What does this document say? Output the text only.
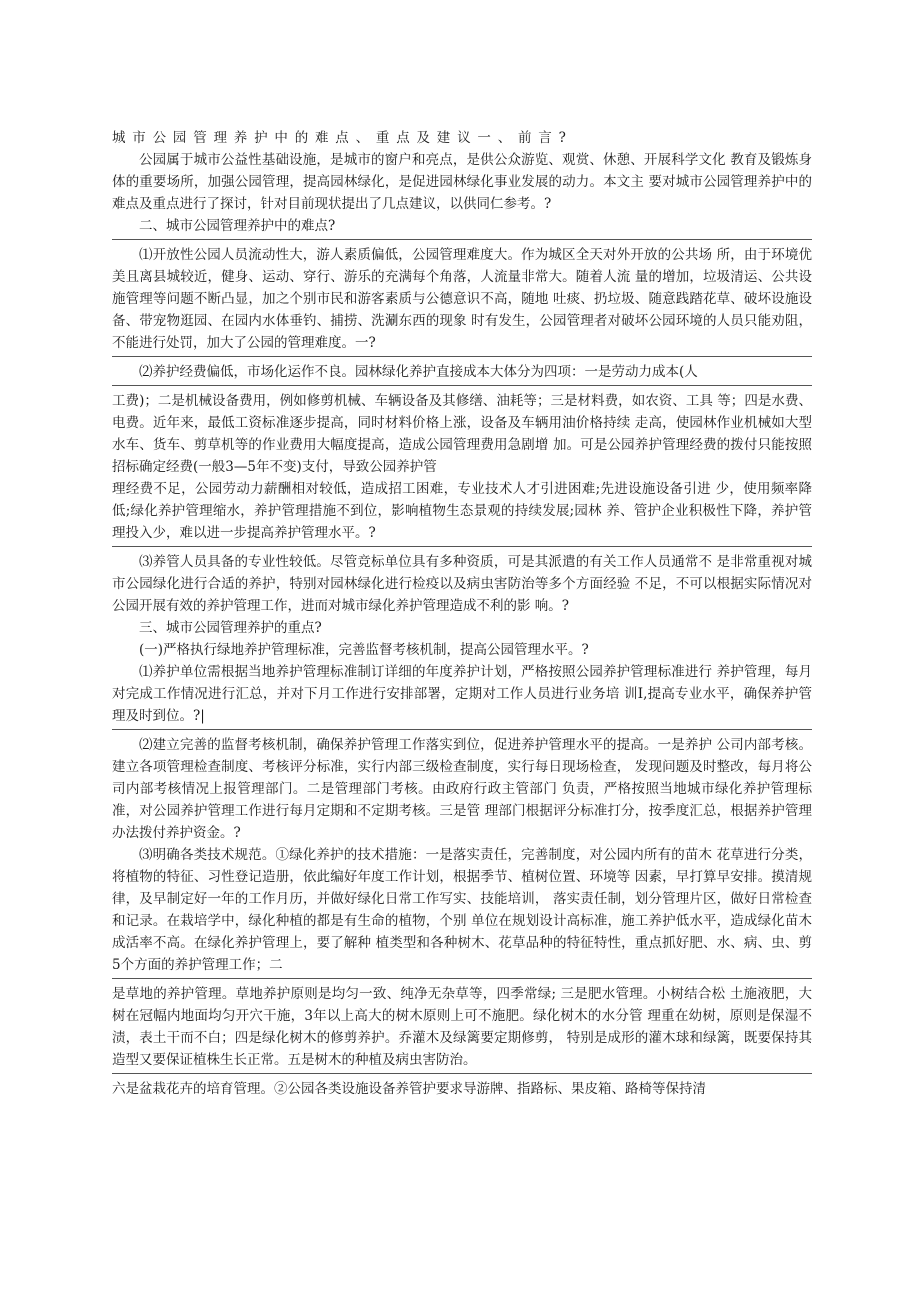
城市公园管理养护中的难点、重点及建议一、前言?

公园属于城市公益性基础设施，是城市的窗户和亮点，是供公众游览、观赏、休憩、开展科学文化 教育及锻炼身体的重要场所，加强公园管理，提高园林绿化，是促进园林绿化事业发展的动力。本文主 要对城市公园管理养护中的难点及重点进行了探讨，针对目前现状提出了几点建议，以供同仁参考。?

二、城市公园管理养护中的难点?

⑴开放性公园人员流动性大，游人素质偏低，公园管理难度大。作为城区全天对外开放的公共场 所，由于环境优美且离县城较近，健身、运动、穿行、游乐的充满每个角落，人流量非常大。随着人流 量的增加，垃圾清运、公共设施管理等问题不断凸显，加之个别市民和游客素质与公德意识不高，随地 吐痰、扔垃圾、随意践踏花草、破坏设施设备、带宠物逛园、在园内水体垂钓、捕捞、洗涮东西的现象 时有发生，公园管理者对破坏公园环境的人员只能劝阻，不能进行处罚，加大了公园的管理难度。一?

⑵养护经费偏低，市场化运作不良。园林绿化养护直接成本大体分为四项：一是劳动力成本(人

工费)；二是机械设备费用，例如修剪机械、车辆设备及其修缮、油耗等；三是材料费，如农资、工具 等；四是水费、电费。近年来，最低工资标准逐步提高，同时材料价格上涨，设备及车辆用油价格持续 走高，使园林作业机械如大型水车、货车、剪草机等的作业费用大幅度提高，造成公园管理费用急剧增 加。可是公园养护管理经费的拨付只能按照招标确定经费(一般3—5年不变)支付，导致公园养护管

理经费不足，公园劳动力薪酬相对较低，造成招工困难，专业技术人才引进困难;先进设施设备引进 少，使用频率降低;绿化养护管理缩水，养护管理措施不到位，影响植物生态景观的持续发展;园林 养、管护企业积极性下降，养护管理投入少，难以进一步提高养护管理水平。?

⑶养管人员具备的专业性较低。尽管竞标单位具有多种资质，可是其派遣的有关工作人员通常不 是非常重视对城市公园绿化进行合适的养护，特别对园林绿化进行检疫以及病虫害防治等多个方面经验 不足，不可以根据实际情况对公园开展有效的养护管理工作，进而对城市绿化养护管理造成不利的影 响。?

三、城市公园管理养护的重点?

(一)严格执行绿地养护管理标准，完善监督考核机制，提高公园管理水平。?

⑴养护单位需根据当地养护管理标准制订详细的年度养护计划，严格按照公园养护管理标准进行 养护管理，每月对完成工作情况进行汇总，并对下月工作进行安排部署，定期对工作人员进行业务培 训I,提高专业水平，确保养护管理及时到位。?|

⑵建立完善的监督考核机制，确保养护管理工作落实到位，促进养护管理水平的提高。一是养护 公司内部考核。建立各项管理检查制度、考核评分标准，实行内部三级检查制度，实行每日现场检查， 发现问题及时整改，每月将公司内部考核情况上报管理部门。二是管理部门考核。由政府行政主管部门 负责，严格按照当地城市绿化养护管理标准，对公园养护管理工作进行每月定期和不定期考核。三是管 理部门根据评分标准打分，按季度汇总，根据养护管理办法拨付养护资金。?

⑶明确各类技术规范。①绿化养护的技术措施：一是落实责任，完善制度，对公园内所有的苗木 花草进行分类，将植物的特征、习性登记造册，依此编好年度工作计划，根据季节、植树位置、环境等 因素，早打算早安排。摸清规律，及早制定好一年的工作月历，并做好绿化日常工作写实、技能培训， 落实责任制，划分管理片区，做好日常检查和记录。在栽培学中，绿化种植的都是有生命的植物，个别 单位在规划设计高标准，施工养护低水平，造成绿化苗木成活率不高。在绿化养护管理上，要了解种 植类型和各种树木、花草品种的特征特性，重点抓好肥、水、病、虫、剪5个方面的养护管理工作；二

是草地的养护管理。草地养护原则是均匀一致、纯净无杂草等，四季常绿; 三是肥水管理。小树结合松 土施液肥，大树在冠幅内地面均匀开穴干施，3年以上高大的树木原则上可不施肥。绿化树木的水分管 理重在幼树，原则是保湿不渍，表土干而不白；四是绿化树木的修剪养护。乔灌木及绿篱要定期修剪， 特别是成形的灌木球和绿篱，既要保持其造型又要保证植株生长正常。五是树木的种植及病虫害防治。

六是盆栽花卉的培育管理。②公园各类设施设备养管护要求导游牌、指路标、果皮箱、路椅等保持清
